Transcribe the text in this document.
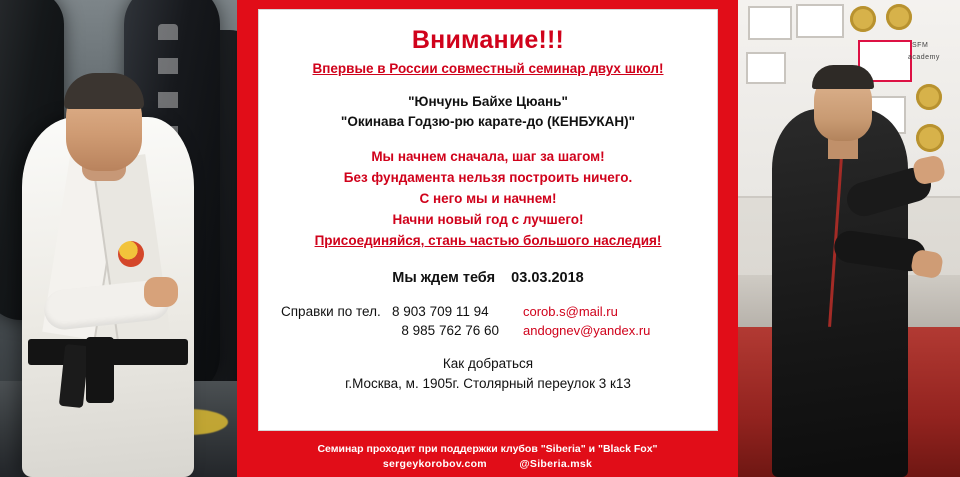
Внимание!!!
Впервые в России совместный семинар двух школ!
"Юнчунь Байхе Цюань"
"Окинава Годзю-рю карате-до (КЕНБУКАН)"
Мы начнем сначала, шаг за шагом!
Без фундамента нельзя построить ничего.
С него мы и начнем!
Начни новый год с лучшего!
Присоединяйся, стань частью большого наследия!
Мы ждем тебя 03.03.2018
Справки по тел. 8 903 709 11 94	corob.s@mail.ru
8 985 762 76 60	andognev@yandex.ru
Как добраться
г.Москва, м. 1905г. Столярный переулок 3 к13
Семинар проходит при поддержки клубов "Siberia" и "Black Fox"
sergeykorobov.com	@Siberia.msk
SFM
academy
